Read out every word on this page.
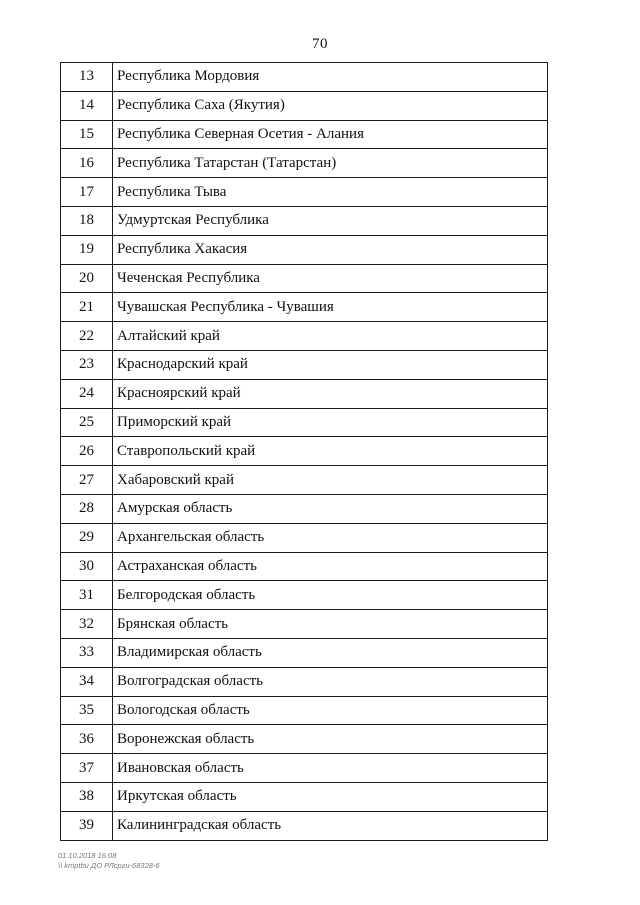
70
13	Республика Мордовия
14	Республика Саха (Якутия)
15	Республика Северная Осетия - Алания
16	Республика Татарстан (Татарстан)
17	Республика Тыва
18	Удмуртская Республика
19	Республика Хакасия
20	Чеченская Республика
21	Чувашская Республика - Чувашия
22	Алтайский край
23	Краснодарский край
24	Красноярский край
25	Приморский край
26	Ставропольский край
27	Хабаровский край
28	Амурская область
29	Архангельская область
30	Астраханская область
31	Белгородская область
32	Брянская область
33	Владимирская область
34	Волгоградская область
35	Вологодская область
36	Воронежская область
37	Ивановская область
38	Иркутская область
39	Калининградская область
01.10.2018 16:08
\\ kmptbu ДО РЛсрги-68328-6
